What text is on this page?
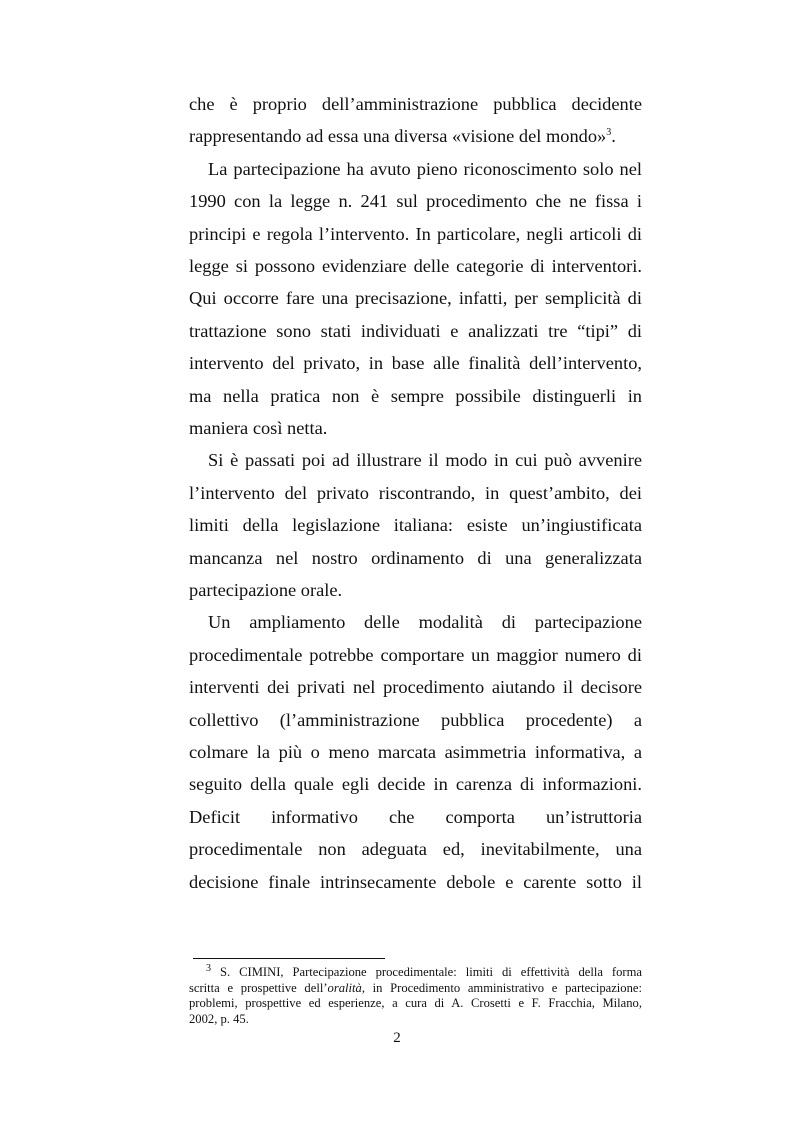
che è proprio dell’amministrazione pubblica decidente
rappresentando ad essa una diversa «visione del mondo»$^3$.
La partecipazione ha avuto pieno riconoscimento solo nel
1990 con la legge n. 241 sul procedimento che ne fissa i
principi e regola l’intervento. In particolare, negli articoli di
legge si possono evidenziare delle categorie di interventori.
Qui occorre fare una precisazione, infatti, per semplicità di
trattazione sono stati individuati e analizzati tre “tipi” di
intervento del privato, in base alle finalità dell’intervento,
ma nella pratica non è sempre possibile distinguerli in
maniera così netta.
Si è passati poi ad illustrare il modo in cui può avvenire
l’intervento del privato riscontrando, in quest’ambito, dei
limiti della legislazione italiana: esiste un’ingiustificata
mancanza nel nostro ordinamento di una generalizzata
partecipazione orale.
Un ampliamento delle modalità di partecipazione
procedimentale potrebbe comportare un maggior numero di
interventi dei privati nel procedimento aiutando il decisore
collettivo (l’amministrazione pubblica procedente) a
colmare la più o meno marcata asimmetria informativa, a
seguito della quale egli decide in carenza di informazioni.
Deficit informativo che comporta un’istruttoria
procedimentale non adeguata ed, inevitabilmente, una
decisione finale intrinsecamente debole e carente sotto il
$^3$ S. CIMINI, Partecipazione procedimentale: limiti di effettività della forma
scritta e prospettive dell’oralità, in Procedimento amministrativo e partecipazione:
problemi, prospettive ed esperienze, a cura di A. Crosetti e F. Fracchia, Milano,
2002, p. 45.
2
